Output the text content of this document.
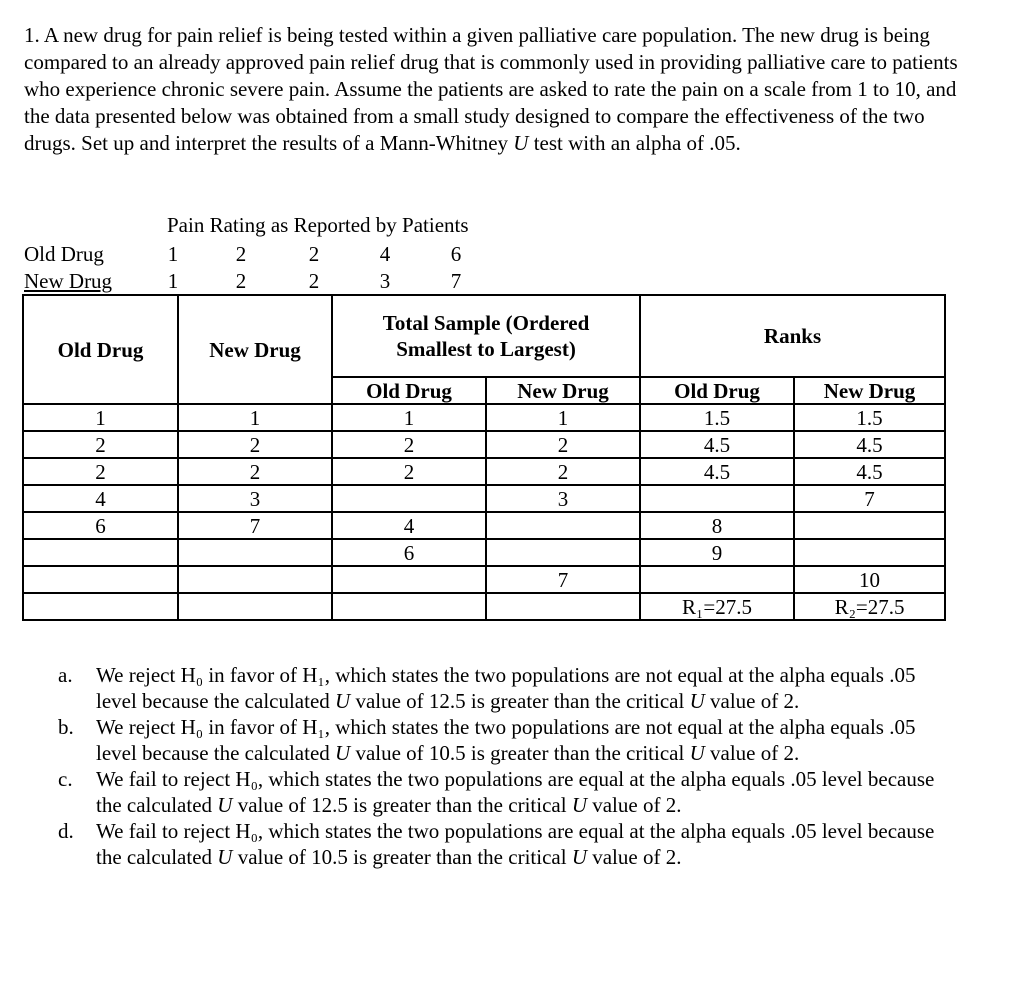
1. A new drug for pain relief is being tested within a given palliative care population. The new drug is being compared to an already approved pain relief drug that is commonly used in providing palliative care to patients who experience chronic severe pain. Assume the patients are asked to rate the pain on a scale from 1 to 10, and the data presented below was obtained from a small study designed to compare the effectiveness of the two drugs. Set up and interpret the results of a Mann-Whitney U test with an alpha of .05.

Pain Rating as Reported by Patients
Old Drug	1	2	2	4	6
New Drug	1	2	2	3	7
Old Drug	New Drug	Total Sample (Ordered Smallest to Largest)		Ranks	
		Old Drug	New Drug	Old Drug	New Drug
1	1	1	1	1.5	1.5
2	2	2	2	4.5	4.5
2	2	2	2	4.5	4.5
4	3		3		7
6	7	4		8	
		6		9	
			7		10
				R₁=27.5	R₂=27.5
a. We reject H₀ in favor of H₁, which states the two populations are not equal at the alpha equals .05 level because the calculated U value of 12.5 is greater than the critical U value of 2.
b. We reject H₀ in favor of H₁, which states the two populations are not equal at the alpha equals .05 level because the calculated U value of 10.5 is greater than the critical U value of 2.
c. We fail to reject H₀, which states the two populations are equal at the alpha equals .05 level because the calculated U value of 12.5 is greater than the critical U value of 2.
d. We fail to reject H₀, which states the two populations are equal at the alpha equals .05 level because the calculated U value of 10.5 is greater than the critical U value of 2.
